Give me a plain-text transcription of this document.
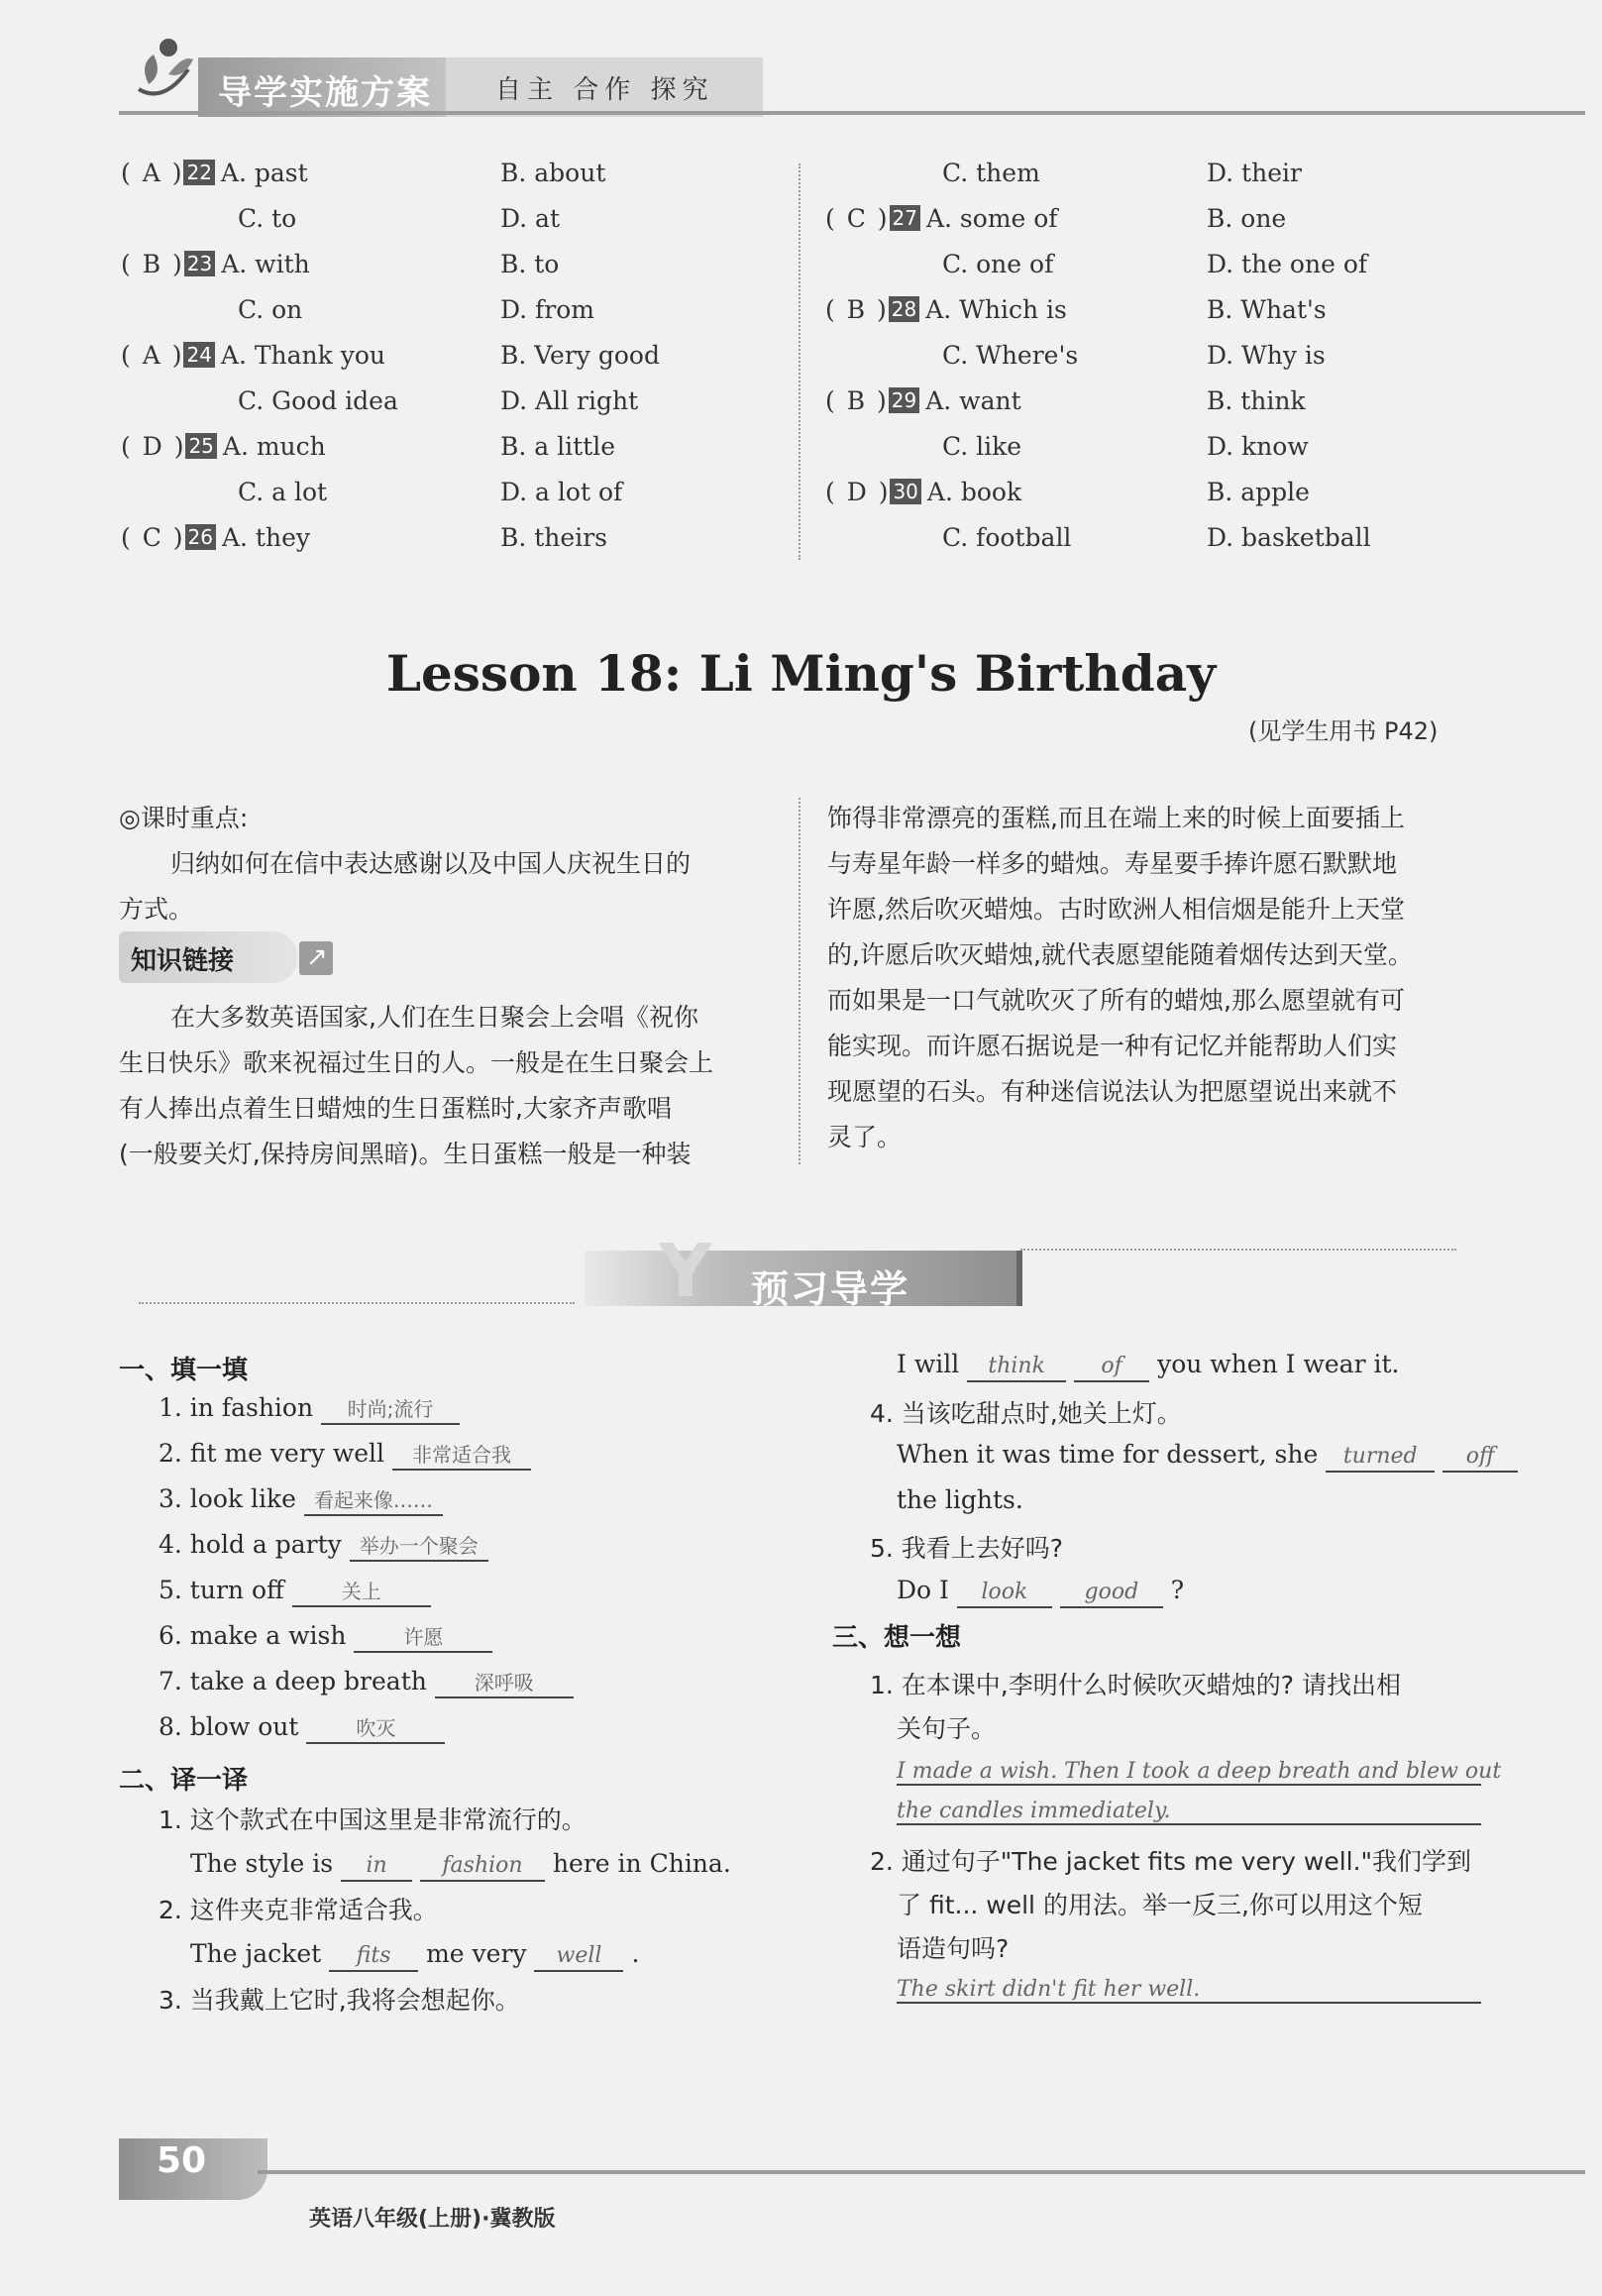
导学实施方案 自主 合作 探究
( A ) 22 A. past	B. about
C. to	D. at
( B ) 23 A. with	B. to
C. on	D. from
( A ) 24 A. Thank you	B. Very good
C. Good idea	D. All right
( D ) 25 A. much	B. a little
C. a lot	D. a lot of
( C ) 26 A. they	B. theirs
C. them	D. their
( C ) 27 A. some of	B. one
C. one of	D. the one of
( B ) 28 A. Which is	B. What's
C. Where's	D. Why is
( B ) 29 A. want	B. think
C. like	D. know
( D ) 30 A. book	B. apple
C. football	D. basketball
Lesson 18: Li Ming's Birthday
(见学生用书 P42)
◎课时重点:
归纳如何在信中表达感谢以及中国人庆祝生日的
方式。
知识链接
↗
在大多数英语国家,人们在生日聚会上会唱《祝你
生日快乐》歌来祝福过生日的人。一般是在生日聚会上
有人捧出点着生日蜡烛的生日蛋糕时,大家齐声歌唱
(一般要关灯,保持房间黑暗)。生日蛋糕一般是一种装
饰得非常漂亮的蛋糕,而且在端上来的时候上面要插上
与寿星年龄一样多的蜡烛。寿星要手捧许愿石默默地
许愿,然后吹灭蜡烛。古时欧洲人相信烟是能升上天堂
的,许愿后吹灭蜡烛,就代表愿望能随着烟传达到天堂。
而如果是一口气就吹灭了所有的蜡烛,那么愿望就有可
能实现。而许愿石据说是一种有记忆并能帮助人们实
现愿望的石头。有种迷信说法认为把愿望说出来就不
灵了。
Y 预习导学
一、填一填
1. in fashion 时尚;流行
2. fit me very well 非常适合我
3. look like 看起来像……
4. hold a party 举办一个聚会
5. turn off	关上
6. make a wish	许愿
7. take a deep breath 深呼吸
8. blow out	吹灭
二、译一译
1. 这个款式在中国这里是非常流行的。
The style is in	fashion here in China.
2. 这件夹克非常适合我。
The jacket fits me very well .
3. 当我戴上它时,我将会想起你。
I will think	of you when I wear it.
4. 当该吃甜点时,她关上灯。
When it was time for dessert, she turned off
the lights.
5. 我看上去好吗?
Do I look	good ?
三、想一想
1. 在本课中,李明什么时候吹灭蜡烛的? 请找出相
关句子。
I made a wish. Then I took a deep breath and blew out
the candles immediately.
2. 通过句子"The jacket fits me very well."我们学到
了 fit... well 的用法。举一反三,你可以用这个短
语造句吗?
The skirt didn't fit her well.
50
英语八年级(上册)·冀教版
